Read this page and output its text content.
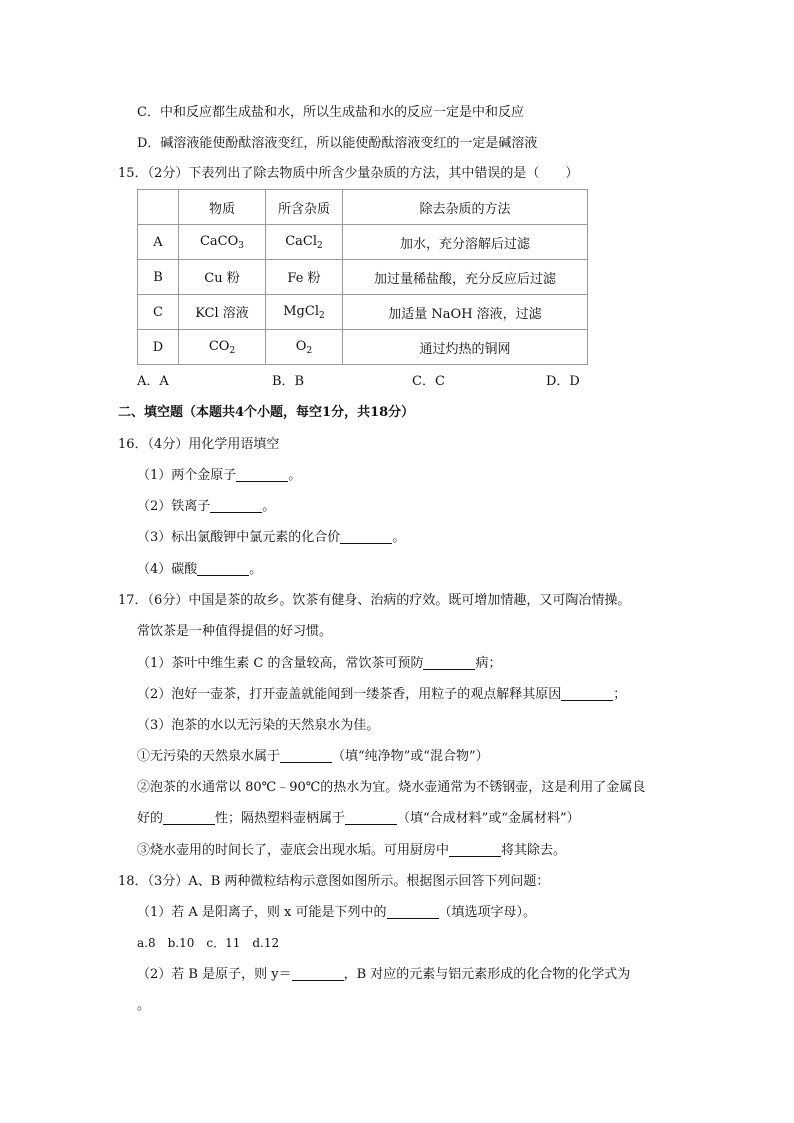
C．中和反应都生成盐和水，所以生成盐和水的反应一定是中和反应
D．碱溶液能使酚酞溶液变红，所以能使酚酞溶液变红的一定是碱溶液
15．（2分）下表列出了除去物质中所含少量杂质的方法，其中错误的是（　　）
	物质	所含杂质	除去杂质的方法
A	CaCO$_3$	CaCl$_2$	加水，充分溶解后过滤
B	Cu 粉	Fe 粉	加过量稀盐酸，充分反应后过滤
C	KCl 溶液	MgCl$_2$	加适量 NaOH 溶液，过滤
D	$CO_2$	$O_2$	通过灼热的铜网
A．A	B．B	C．C	D．D
二、填空题（本题共4个小题，每空1分，共18分）
16．（4分）用化学用语填空
（1）两个金原子	。
（2）铁离子	。
（3）标出氯酸钾中氯元素的化合价	。
（4）碳酸	。
17．（6分）中国是茶的故乡。饮茶有健身、治病的疗效。既可增加情趣，又可陶冶情操。
常饮茶是一种值得提倡的好习惯。
（1）茶叶中维生素 C 的含量较高，常饮茶可预防	病；
（2）泡好一壶茶，打开壶盖就能闻到一缕茶香，用粒子的观点解释其原因	；
（3）泡茶的水以无污染的天然泉水为佳。
①无污染的天然泉水属于	（填“纯净物”或“混合物”）
②泡茶的水通常以 80℃﹣90℃的热水为宜。烧水壶通常为不锈钢壶，这是利用了金属良
好的	性；隔热塑料壶柄属于	（填“合成材料”或“金属材料”）
③烧水壶用的时间长了，壶底会出现水垢。可用厨房中	将其除去。
18．（3分）A、B 两种微粒结构示意图如图所示。根据图示回答下列问题：
（1）若 A 是阳离子，则 x 可能是下列中的	（填选项字母）。
a.8　b.10　c．11　d.12
（2）若 B 是原子，则 y＝	，B 对应的元素与铝元素形成的化合物的化学式为
。
